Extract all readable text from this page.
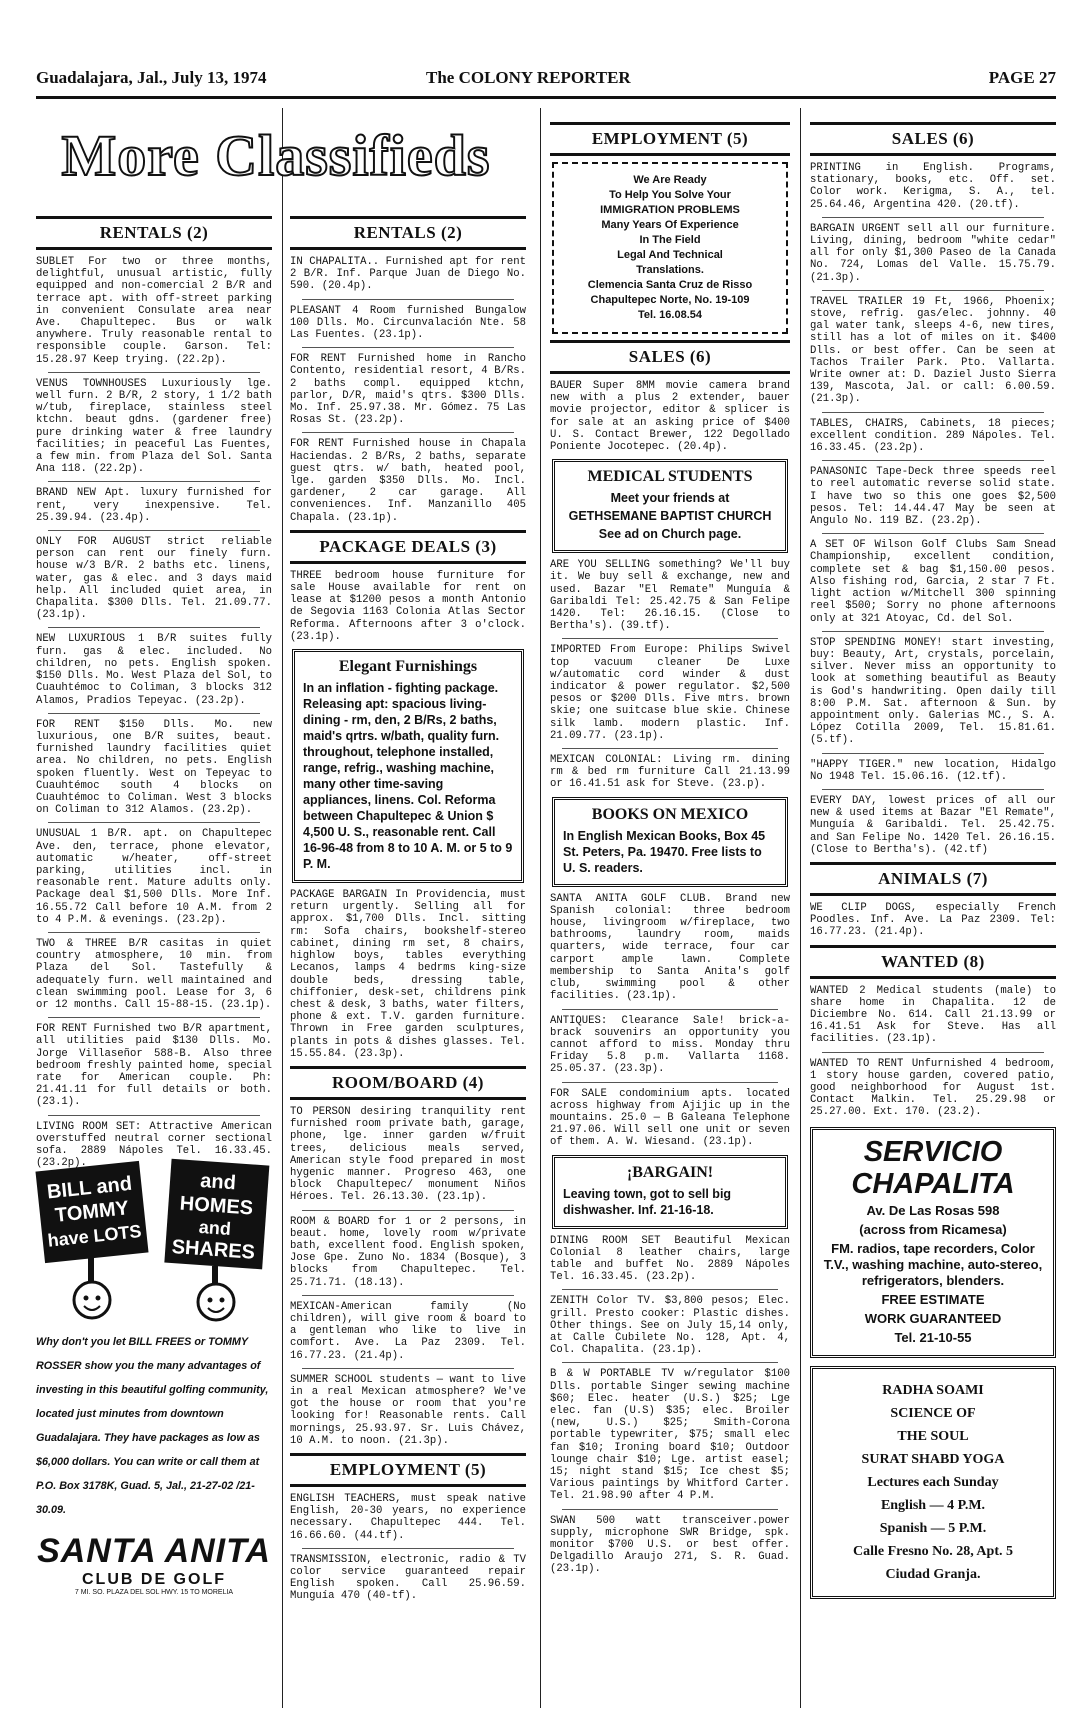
Guadalajara, Jal., July 13, 1974	The COLONY REPORTER	PAGE 27
More Classifieds
RENTALS (2)

SUBLET For two or three months, delightful, unusual artistic, fully equipped and non-comercial 2 B/R and terrace apt. with off-street parking in convenient Consulate area near Ave. Chapultepec. Bus or walk anywhere. Truly reasonable rental to responsible couple. Garson. Tel: 15.28.97 Keep trying. (22.2p).

VENUS TOWNHOUSES Luxuriously lge. well furn. 2 B/R, 2 story, 1 1/2 bath w/tub, fireplace, stainless steel ktchn. beaut gdns. (gardener free) pure drinking water & free laundry facilities; in peaceful Las Fuentes, a few min. from Plaza del Sol. Santa Ana 118. (22.2p).

BRAND NEW Apt. luxury furnished for rent, very inexpensive. Tel. 25.39.94. (23.4p).

ONLY FOR AUGUST strict reliable person can rent our finely furn. house w/3 B/R. 2 baths etc. linens, water, gas & elec. and 3 days maid help. All included quiet area, in Chapalita. $300 Dlls. Tel. 21.09.77. (23.1p).

NEW LUXURIOUS 1 B/R suites fully furn. gas & elec. included. No children, no pets. English spoken. $150 Dlls. Mo. West Plaza del Sol, to Cuauhtémoc to Coliman, 3 blocks 312 Alamos, Pradios Tepeyac. (23.2p).

FOR RENT $150 Dlls. Mo. new luxurious, one B/R suites, beaut. furnished laundry facilities quiet area. No children, no pets. English spoken fluently. West on Tepeyac to Cuauhtémoc south 4 blocks on Cuauhtémoc to Coliman. West 3 blocks on Coliman to 312 Alamos. (23.2p).

UNUSUAL 1 B/R. apt. on Chapultepec Ave. den, terrace, phone elevator, automatic w/heater, off-street parking, utilities incl. in reasonable rent. Mature adults only. Package deal $1,500 Dlls. More Inf. 16.55.72 Call before 10 A.M. from 2 to 4 P.M. & evenings. (23.2p).

TWO & THREE B/R casitas in quiet country atmosphere, 10 min. from Plaza del Sol. Tastefully & adequately furn. well maintained and clean swimming pool. Lease for 3, 6 or 12 months. Call 15-88-15. (23.1p).

FOR RENT Furnished two B/R apartment, all utilities paid $130 Dlls. Mo. Jorge Villaseñor 588-B. Also three bedroom freshly painted home, special rate for American couple. Ph: 21.41.11 for full details or both. (23.1).

LIVING ROOM SET: Attractive American overstuffed neutral corner sectional sofa. 2889 Nápoles Tel. 16.33.45. (23.2p).

BILL and
TOMMY
have LOTS
and
HOMES
and
SHARES
Why don't you let BILL FREES or TOMMY ROSSER show you the many advantages of investing in this beautiful golfing community, located just minutes from downtown Guadalajara. They have packages as low as $6,000 dollars. You can write or call them at P.O. Box 3178K, Guad. 5, Jal., 21-27-02 /21-30.09.
SANTA ANITA
CLUB DE GOLF
7 MI. SO. PLAZA DEL SOL HWY. 15 TO MORELIA
RENTALS (2)

IN CHAPALITA.. Furnished apt for rent 2 B/R. Inf. Parque Juan de Diego No. 590. (20.4p).

PLEASANT 4 Room furnished Bungalow 100 Dlls. Mo. Circunvalación Nte. 58 Las Fuentes. (23.1p).

FOR RENT Furnished home in Rancho Contento, residential resort, 4 B/Rs. 2 baths compl. equipped ktchn, parlor, D/R, maid's qtrs. $300 Dlls. Mo. Inf. 25.97.38. Mr. Gómez. 75 Las Rosas St. (23.2p).

FOR RENT Furnished house in Chapala Haciendas. 2 B/Rs, 2 baths, separate guest qtrs. w/ bath, heated pool, lge. garden $350 Dlls. Mo. Incl. gardener, 2 car garage. All conveniences. Inf. Manzanillo 405 Chapala. (23.1p).

PACKAGE DEALS (3)

THREE bedroom house furniture for sale House available for rent on lease at $1200 pesos a month Antonio de Segovia 1163 Colonia Atlas Sector Reforma. Afternoons after 3 o'clock. (23.1p).

Elegant Furnishings

In an inflation - fighting package. Releasing apt: spacious living-dining - rm, den, 2 B/Rs, 2 baths, maid's qrtrs. w/bath, quality furn. throughout, telephone installed, range, refrig., washing machine, many other time-saving appliances, linens. Col. Reforma between Chapultepec & Union $ 4,500 U. S., reasonable rent. Call 16-96-48 from 8 to 10 A. M. or 5 to 9 P. M.

PACKAGE BARGAIN In Providencia, must return urgently. Selling all for approx. $1,700 Dlls. Incl. sitting rm: Sofa chairs, bookshelf-stereo cabinet, dining rm set, 8 chairs, highlow boys, tables everything Lecanos, lamps 4 bedrms king-size double beds, dressing table, chiffonier, desk-set, childrens pink chest & desk, 3 baths, water filters, phone & ext. T.V. garden furniture. Thrown in Free garden sculptures, plants in pots & dishes glasses. Tel. 15.55.84. (23.3p).

ROOM/BOARD (4)

TO PERSON desiring tranquility rent furnished room private bath, garage, phone, lge. inner garden w/fruit trees, delicious meals served, American style food prepared in most hygenic manner. Progreso 463, one block Chapultepec/ monument Niños Héroes. Tel. 26.13.30. (23.1p).

ROOM & BOARD for 1 or 2 persons, in beaut. home, lovely room w/private bath, excellent food. English spoken, Jose Gpe. Zuno No. 1834 (Bosque), 3 blocks from Chapultepec. Tel. 25.71.71. (18.13).

MEXICAN-American family (No children), will give room & board to a gentleman who like to live in comfort. Ave. La Paz 2309. Tel. 16.77.23. (21.4p).

SUMMER SCHOOL students — want to live in a real Mexican atmosphere? We've got the house or room that you're looking for! Reasonable rents. Call mornings, 25.93.97. Sr. Luis Chávez, 10 A.M. to noon. (21.3p).

EMPLOYMENT (5)

ENGLISH TEACHERS, must speak native English, 20-30 years, no experience necessary. Chapultepec 444. Tel. 16.66.60. (44.tf).

TRANSMISSION, electronic, radio & TV color service guaranteed repair English spoken. Call 25.96.59. Munguía 470 (40-tf).

EMPLOYMENT (5)
We Are Ready
To Help You Solve Your
IMMIGRATION PROBLEMS
Many Years Of Experience
In The Field
Legal And Technical
Translations.
Clemencia Santa Cruz de Risso
Chapultepec Norte, No. 19-109
Tel. 16.08.54
SALES (6)

BAUER Super 8MM movie camera brand new with a plus 2 extender, bauer movie projector, editor & splicer is for sale at an asking price of $400 U. S. Contact Brewer, 122 Degollado Poniente Jocotepec. (20.4p).

MEDICAL STUDENTS

Meet your friends at

GETHSEMANE BAPTIST CHURCH

See ad on Church page.

ARE YOU SELLING something? We'll buy it. We buy sell & exchange, new and used. Bazar "El Remate" Munguía & Garibaldi Tel: 25.42.75 & San Felipe 1420. Tel: 26.16.15. (Close to Bertha's). (39.tf).

IMPORTED From Europe: Philips Swivel top vacuum cleaner De Luxe w/automatic cord winder & dust indicator & power regulator. $2,500 pesos or $200 Dlls. Five mtrs. brown skie; one suitcase blue skie. Chinese silk lamb. modern plastic. Inf. 21.09.77. (23.1p).

MEXICAN COLONIAL: Living rm. dining rm & bed rm furniture Call 21.13.99 or 16.41.51 ask for Steve. (23.p).

BOOKS ON MEXICO

In English Mexican Books, Box 45 St. Peters, Pa. 19470. Free lists to U. S. readers.

SANTA ANITA GOLF CLUB. Brand new Spanish colonial: three bedroom house, livingroom w/fireplace, two bathrooms, laundry room, maids quarters, wide terrace, four car carport ample lawn. Complete membership to Santa Anita's golf club, swimming pool & other facilities. (23.1p).

ANTIQUES: Clearance Sale! brick-a-brack souvenirs an opportunity you cannot afford to miss. Monday thru Friday 5.8 p.m. Vallarta 1168. 25.05.37. (23.3p).

FOR SALE condominium apts. located across highway from Ajijic up in the mountains. 25.0 — B Galeana Telephone 21.97.06. Will sell one unit or seven of them. A. W. Wiesand. (23.1p).

¡BARGAIN!

Leaving town, got to sell big dishwasher. Inf. 21-16-18.

DINING ROOM SET Beautiful Mexican Colonial 8 leather chairs, large table and buffet No. 2889 Nápoles Tel. 16.33.45. (23.2p).

ZENITH Color TV. $3,800 pesos; Elec. grill. Presto cooker: Plastic dishes. Other things. See on July 15,14 only, at Calle Cubilete No. 128, Apt. 4, Col. Chapalita. (23.1p).

B & W PORTABLE TV w/regulator $100 Dlls. portable Singer sewing machine $60; Elec. heater (U.S.) $25; Lge elec. fan (U.S) $35; elec. Broiler (new, U.S.) $25; Smith-Corona portable typewriter, $75; small elec fan $10; Ironing board $10; Outdoor lounge chair $10; Lge. artist easel; 15; night stand $15; Ice chest $5; Various paintings by Whitford Carter. Tel. 21.98.90 after 4 P.M.

SWAN 500 watt transceiver.power supply, microphone SWR Bridge, spk. monitor $700 U.S. or best offer. Delgadillo Araujo 271, S. R. Guad. (23.1p).

SALES (6)

PRINTING in English. Programs, stationary, books, etc. Off. set. Color work. Kerigma, S. A., tel. 25.64.46, Argentina 420. (20.tf).

BARGAIN URGENT sell all our furniture. Living, dining, bedroom "white cedar" all for only $1,300 Paseo de la Canada No. 724, Lomas del Valle. 15.75.79. (21.3p).

TRAVEL TRAILER 19 Ft, 1966, Phoenix; stove, refrig. gas/elec. johnny. 40 gal water tank, sleeps 4-6, new tires, still has a lot of miles on it. $400 Dlls. or best offer. Can be seen at Tachos Trailer Park. Pto. Vallarta. Write owner at: D. Daziel Justo Sierra 139, Mascota, Jal. or call: 6.00.59. (21.3p).

TABLES, CHAIRS, Cabinets, 18 pieces; excellent condition. 289 Nápoles. Tel. 16.33.45. (23.2p).

PANASONIC Tape-Deck three speeds reel to reel automatic reverse solid state. I have two so this one goes $2,500 pesos. Tel: 14.44.47 May be seen at Angulo No. 119 BZ. (23.2p).

A SET OF Wilson Golf Clubs Sam Snead Championship, excellent condition, complete set & bag $1,150.00 pesos. Also fishing rod, Garcia, 2 star 7 Ft. light action w/Mitchell 300 spinning reel $500; Sorry no phone afternoons only at 321 Atoyac, Cd. del Sol.

STOP SPENDING MONEY! start investing, buy: Beauty, Art, crystals, porcelain, silver. Never miss an opportunity to look at something beautiful as Beauty is God's handwriting. Open daily till 8:00 P.M. Sat. afternoon & Sun. by appointment only. Galerias MC., S. A. López Cotilla 2009, Tel. 15.81.61. (5.tf).

"HAPPY TIGER." new location, Hidalgo No 1948 Tel. 15.06.16. (12.tf).

EVERY DAY, lowest prices of all our new & used items at Bazar "El Remate", Munguía & Garibaldi. Tel. 25.42.75. and San Felipe No. 1420 Tel. 26.16.15. (Close to Bertha's). (42.tf)

ANIMALS (7)

WE CLIP DOGS, especially French Poodles. Inf. Ave. La Paz 2309. Tel: 16.77.23. (21.4p).

WANTED (8)

WANTED 2 Medical students (male) to share home in Chapalita. 12 de Diciembre No. 614. Call 21.13.99 or 16.41.51 Ask for Steve. Has all facilities. (23.1p).

WANTED TO RENT Unfurnished 4 bedroom, 1 story house garden, covered patio, good neighborhood for August 1st. Contact Malkin. Tel. 25.29.98 or 25.27.00. Ext. 170. (23.2).

SERVICIO
CHAPALITA

Av. De Las Rosas 598

(across from Ricamesa)

FM. radios, tape recorders, Color T.V., washing machine, auto-stereo, refrigerators, blenders.

FREE ESTIMATE

WORK GUARANTEED

Tel. 21-10-55

RADHA SOAMI

SCIENCE OF

THE SOUL

SURAT SHABD YOGA

Lectures each Sunday

English — 4 P.M.

Spanish — 5 P.M.

Calle Fresno No. 28, Apt. 5

Ciudad Granja.
